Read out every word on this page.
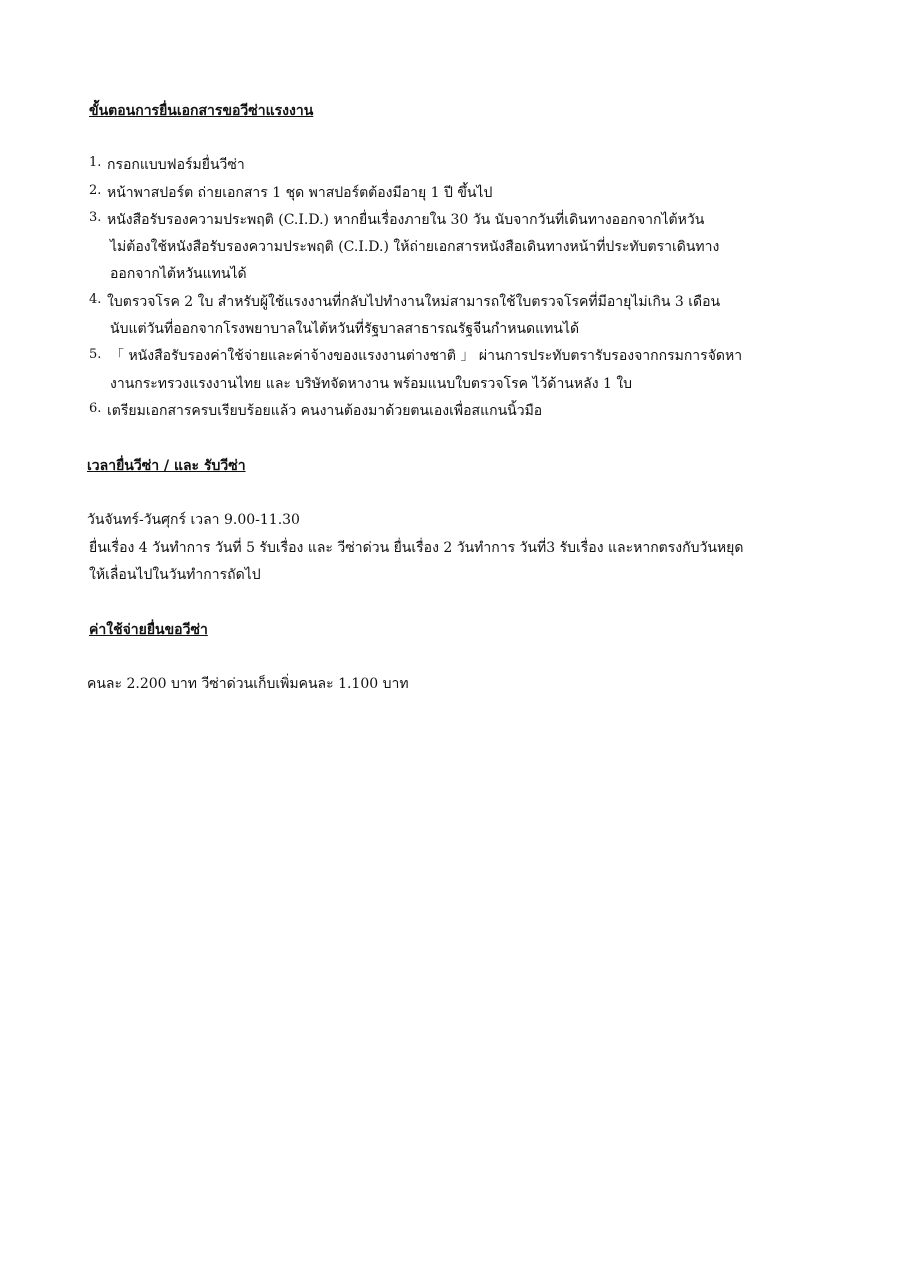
ขั้นตอนการยื่นเอกสารขอวีซ่าแรงงาน
1. กรอกแบบฟอร์มยื่นวีซ่า
2. หน้าพาสปอร์ต ถ่ายเอกสาร 1 ชุด พาสปอร์ตต้องมีอายุ 1 ปี ขึ้นไป
3. หนังสือรับรองความประพฤติ (C.I.D.) หากยื่นเรื่องภายใน 30 วัน นับจากวันที่เดินทางออกจากไต้หวัน
ไม่ต้องใช้หนังสือรับรองความประพฤติ (C.I.D.) ให้ถ่ายเอกสารหนังสือเดินทางหน้าที่ประทับตราเดินทาง
ออกจากไต้หวันแทนได้
4. ใบตรวจโรค 2 ใบ สำหรับผู้ใช้แรงงานที่กลับไปทำงานใหม่สามารถใช้ใบตรวจโรคที่มีอายุไม่เกิน 3 เดือน
นับแต่วันที่ออกจากโรงพยาบาลในไต้หวันที่รัฐบาลสาธารณรัฐจีนกำหนดแทนได้
5. 「 หนังสือรับรองค่าใช้จ่ายและค่าจ้างของแรงงานต่างชาติ 」 ผ่านการประทับตรารับรองจากกรมการจัดหา
งานกระทรวงแรงงานไทย และ บริษัทจัดหางาน พร้อมแนบใบตรวจโรค ไว้ด้านหลัง 1 ใบ
6. เตรียมเอกสารครบเรียบร้อยแล้ว คนงานต้องมาด้วยตนเองเพื่อสแกนนิ้วมือ
เวลายื่นวีซ่า / และ รับวีซ่า
วันจันทร์-วันศุกร์ เวลา 9.00-11.30
ยื่นเรื่อง 4 วันทำการ วันที่ 5 รับเรื่อง และ วีซ่าด่วน ยื่นเรื่อง 2 วันทำการ วันที่3 รับเรื่อง และหากตรงกับวันหยุด
ให้เลื่อนไปในวันทำการถัดไป
ค่าใช้จ่ายยื่นขอวีซ่า
คนละ 2.200 บาท วีซ่าด่วนเก็บเพิ่มคนละ 1.100 บาท
